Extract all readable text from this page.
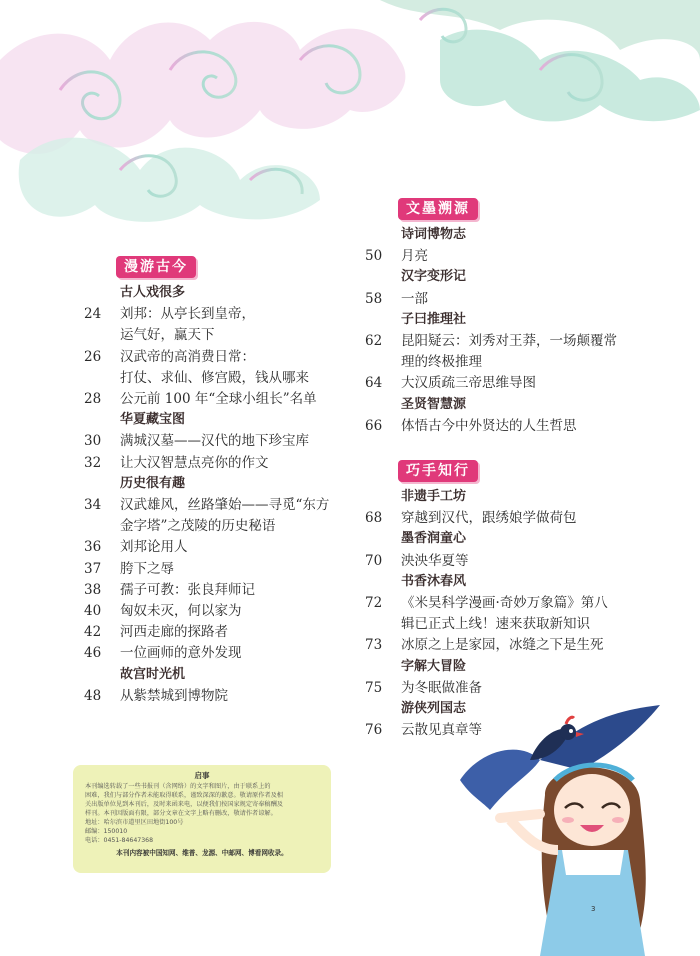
漫游古今
古人戏很多
24	刘邦：从亭长到皇帝，
运气好，赢天下
26	汉武帝的高消费日常：
打仗、求仙、修宫殿，钱从哪来
28	公元前 100 年“全球小组长”名单
华夏藏宝图
30	满城汉墓——汉代的地下珍宝库
32	让大汉智慧点亮你的作文
历史很有趣
34	汉武雄风，丝路肇始——寻觅“东方
金字塔”之茂陵的历史秘语
36	刘邦论用人
37	胯下之辱
38	孺子可教：张良拜师记
40	匈奴未灭，何以家为
42	河西走廊的探路者
46	一位画师的意外发现
故宫时光机
48	从紫禁城到博物院
文墨溯源
诗词博物志
50	月亮
汉字变形记
58	⼀部
子曰推理社
62	昆阳疑云：刘秀对王莽，一场颠覆常
理的终极推理
64	大汉质疏三帝思维导图
圣贤智慧源
66	体悟古今中外贤达的人生哲思
巧手知行
非遗手工坊
68	穿越到汉代，跟绣娘学做荷包
墨香润童心
70	泱泱华夏等
书香沐春风
72	《米昊科学漫画·奇妙万象篇》第八
辑已正式上线！速来获取新知识
73	冰原之上是家园，冰缝之下是生死
字解大冒险
75	为冬眠做准备
游侠列国志
76	云散见真章等
启事
本刊编选转载了一些书报刊（含网络）的文字和图片，由于联系上的
困难，我们与部分作者未能取得联系，谨致深深的歉意。敬请原作者及相
关出版单位见到本刊后，及时来函来电，以便我们按国家规定寄奉稿酬及
样刊。本刊因版面有限，部分文章在文字上略有删改，敬请作者谅解。
地址：哈尔滨市道里区田地街100号
邮编：150010
电话：0451-84647368
本刊内容被中国知网、维普、龙源、中邮网、博看网收录。
3
